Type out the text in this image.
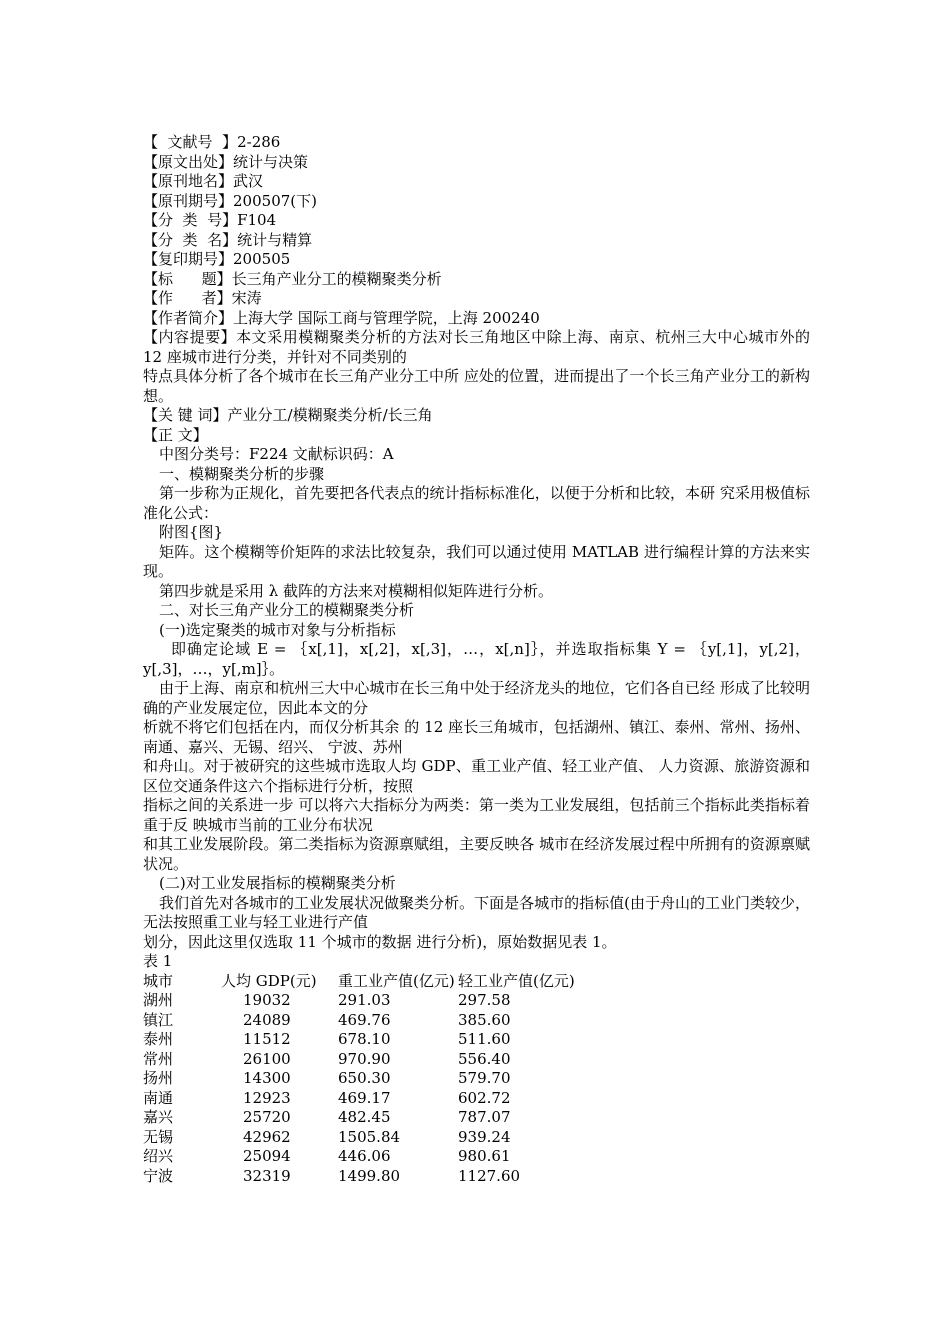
【  文献号  】2-286
【原文出处】统计与决策
【原刊地名】武汉
【原刊期号】200507(下)
【分  类  号】F104
【分  类  名】统计与精算
【复印期号】200505
【标      题】长三角产业分工的模糊聚类分析
【作      者】宋涛
【作者简介】上海大学 国际工商与管理学院，上海 200240

【内容提要】本文采用模糊聚类分析的方法对长三角地区中除上海、南京、杭州三大中心城市外的 12 座城市进行分类，并针对不同类别的

特点具体分析了各个城市在长三角产业分工中所 应处的位置，进而提出了一个长三角产业分工的新构想。

【关 键 词】产业分工/模糊聚类分析/长三角
【正 文】

中图分类号：F224 文献标识码：A

一、模糊聚类分析的步骤

第一步称为正规化，首先要把各代表点的统计指标标准化，以便于分析和比较，本研 究采用极值标准化公式：

附图{图}

矩阵。这个模糊等价矩阵的求法比较复杂，我们可以通过使用 MATLAB 进行编程计算的方法来实现。

第四步就是采用 λ 截阵的方法来对模糊相似矩阵进行分析。

二、对长三角产业分工的模糊聚类分析

(一)选定聚类的城市对象与分析指标

即确定论域 E = ｛x[,1]，x[,2]，x[,3]，…，x[,n]｝，并选取指标集 Y = ｛y[,1]，y[,2]，y[,3]，…，y[,m]｝。

由于上海、南京和杭州三大中心城市在长三角中处于经济龙头的地位，它们各自已经 形成了比较明确的产业发展定位，因此本文的分

析就不将它们包括在内，而仅分析其余 的 12 座长三角城市，包括湖州、镇江、泰州、常州、扬州、南通、嘉兴、无锡、绍兴、 宁波、苏州

和舟山。对于被研究的这些城市选取人均 GDP、重工业产值、轻工业产值、 人力资源、旅游资源和区位交通条件这六个指标进行分析，按照

指标之间的关系进一步 可以将六大指标分为两类：第一类为工业发展组，包括前三个指标此类指标着重于反 映城市当前的工业分布状况

和其工业发展阶段。第二类指标为资源禀赋组，主要反映各 城市在经济发展过程中所拥有的资源禀赋状况。

(二)对工业发展指标的模糊聚类分析

我们首先对各城市的工业发展状况做聚类分析。下面是各城市的指标值(由于舟山的工业门类较少，无法按照重工业与轻工业进行产值

划分，因此这里仅选取 11 个城市的数据 进行分析)，原始数据见表 1。

表 1
城市	人均 GDP(元)	重工业产值(亿元)	轻工业产值(亿元)
湖州	19032	291.03	297.58
镇江	24089	469.76	385.60
泰州	11512	678.10	511.60
常州	26100	970.90	556.40
扬州	14300	650.30	579.70
南通	12923	469.17	602.72
嘉兴	25720	482.45	787.07
无锡	42962	1505.84	939.24
绍兴	25094	446.06	980.61
宁波	32319	1499.80	1127.60
